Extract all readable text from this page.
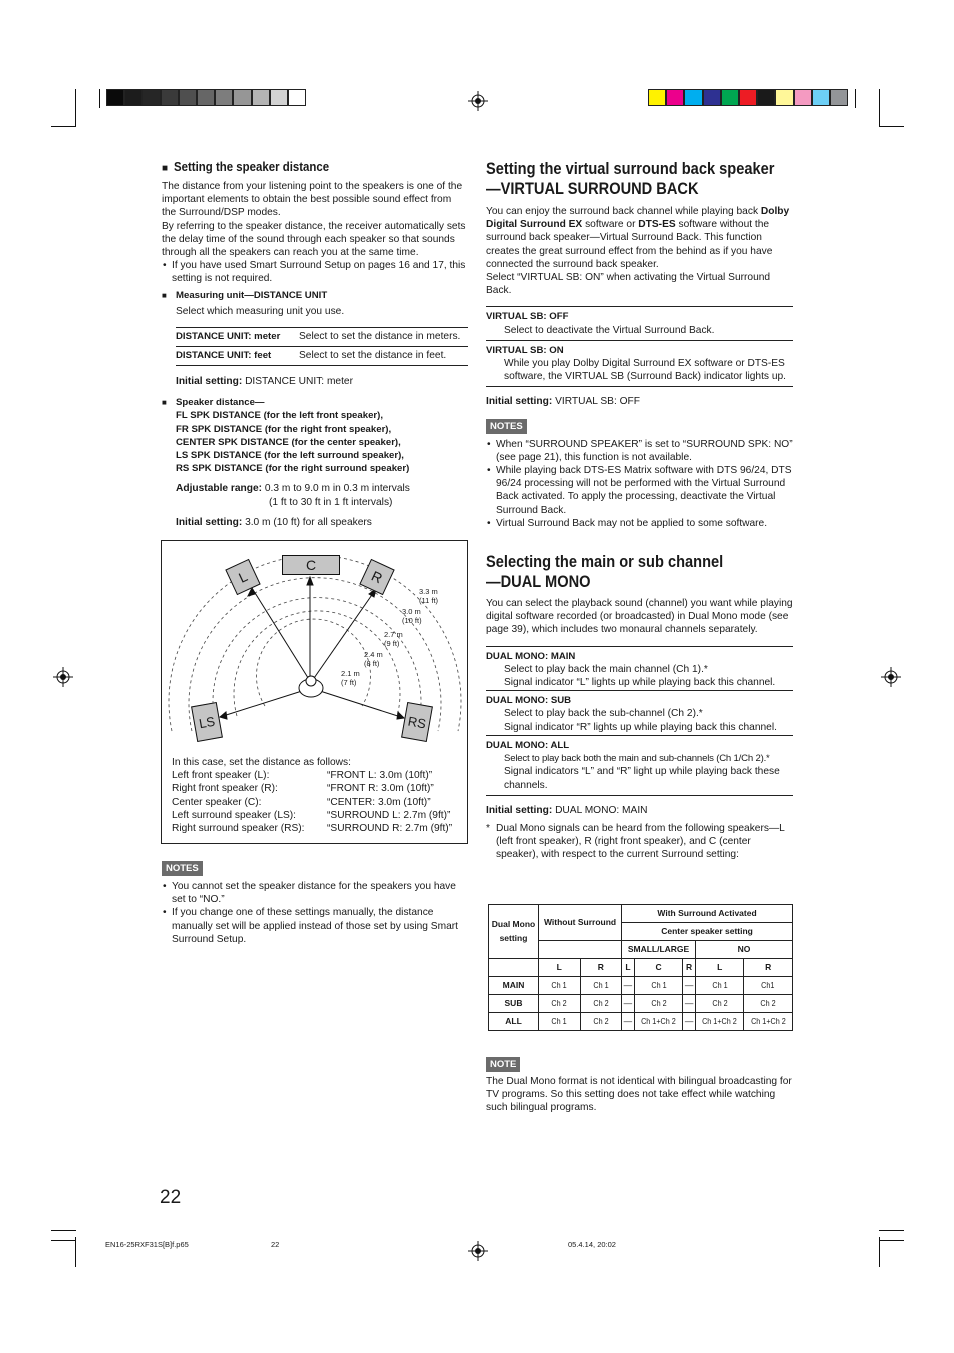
■ Setting the speaker distance

The distance from your listening point to the speakers is one of the important elements to obtain the best possible sound effect from the Surround/DSP modes.

By referring to the speaker distance, the receiver automatically sets the delay time of the sound through each speaker so that sounds through all the speakers can reach you at the same time.

• If you have used Smart Surround Setup on pages 16 and 17, this setting is not required.

■ Measuring unit—DISTANCE UNIT

Select which measuring unit you use.

DISTANCE UNIT: meter	Select to set the distance in meters.
DISTANCE UNIT: feet	Select to set the distance in feet.

Initial setting: DISTANCE UNIT: meter

■ Speaker distance—

FL SPK DISTANCE (for the left front speaker),

FR SPK DISTANCE (for the right front speaker),

CENTER SPK DISTANCE (for the center speaker),

LS SPK DISTANCE (for the left surround speaker),

RS SPK DISTANCE (for the right surround speaker)

Adjustable range: 0.3 m to 9.0 m in 0.3 m intervals

(1 ft to 30 ft in 1 ft intervals)

Initial setting: 3.0 m (10 ft) for all speakers

L
C
R
LS	RS
3.3 m
(11 ft)
3.0 m
(10 ft)
2.7 m
(9 ft)
2.4 m
(8 ft)
2.1 m
(7 ft)

In this case, set the distance as follows:

Left front speaker (L):	“FRONT L: 3.0m (10ft)”
Right front speaker (R):	“FRONT R: 3.0m (10ft)”
Center speaker (C):	“CENTER: 3.0m (10ft)”
Left surround speaker (LS):	“SURROUND L: 2.7m (9ft)”
Right surround speaker (RS):	“SURROUND R: 2.7m (9ft)”
NOTES

• You cannot set the speaker distance for the speakers you have set to “NO.”

• If you change one of these settings manually, the distance manually set will be applied instead of those set by using Smart Surround Setup.

Setting the virtual surround back speaker
—VIRTUAL SURROUND BACK

You can enjoy the surround back channel while playing back Dolby Digital Surround EX software or DTS-ES software without the surround back speaker—Virtual Surround Back. This function creates the great surround effect from the behind as if you have connected the surround back speaker.

Select “VIRTUAL SB: ON” when activating the Virtual Surround Back.

VIRTUAL SB: OFF

Select to deactivate the Virtual Surround Back.

VIRTUAL SB: ON

While you play Dolby Digital Surround EX software or DTS-ES software, the VIRTUAL SB (Surround Back) indicator lights up.

Initial setting: VIRTUAL SB: OFF

NOTES

• When “SURROUND SPEAKER” is set to “SURROUND SPK: NO” (see page 21), this function is not available.

• While playing back DTS-ES Matrix software with DTS 96/24, DTS 96/24 processing will not be performed with the Virtual Surround Back activated. To apply the processing, deactivate the Virtual Surround Back.

• Virtual Surround Back may not be applied to some software.

Selecting the main or sub channel
—DUAL MONO

You can select the playback sound (channel) you want while playing digital software recorded (or broadcasted) in Dual Mono mode (see page 39), which includes two monaural channels separately.

DUAL MONO: MAIN

Select to play back the main channel (Ch 1).*

Signal indicator “L” lights up while playing back this channel.

DUAL MONO: SUB

Select to play back the sub-channel (Ch 2).*

Signal indicator “R” lights up while playing back this channel.

DUAL MONO: ALL

Select to play back both the main and sub-channels (Ch 1/Ch 2).*

Signal indicators “L” and “R” light up while playing back these channels.

Initial setting: DUAL MONO: MAIN

* Dual Mono signals can be heard from the following speakers—L (left front speaker), R (right front speaker), and C (center speaker), with respect to the current Surround setting:

Dual Mono setting	Without Surround		With Surround Activated				
			Center speaker setting				
			SMALL/LARGE			NO	
	L	R	L	C	R	L	R
MAIN	Ch 1	Ch 1	—	Ch 1	—	Ch 1	Ch1
SUB	Ch 2	Ch 2	—	Ch 2	—	Ch 2	Ch 2
ALL	Ch 1	Ch 2	—	Ch 1+Ch 2	—	Ch 1+Ch 2	Ch 1+Ch 2
NOTE

The Dual Mono format is not identical with bilingual broadcasting for TV programs. So this setting does not take effect while watching such bilingual programs.

22
EN16-25RXF31S[B]f.p65	22	05.4.14, 20:02
